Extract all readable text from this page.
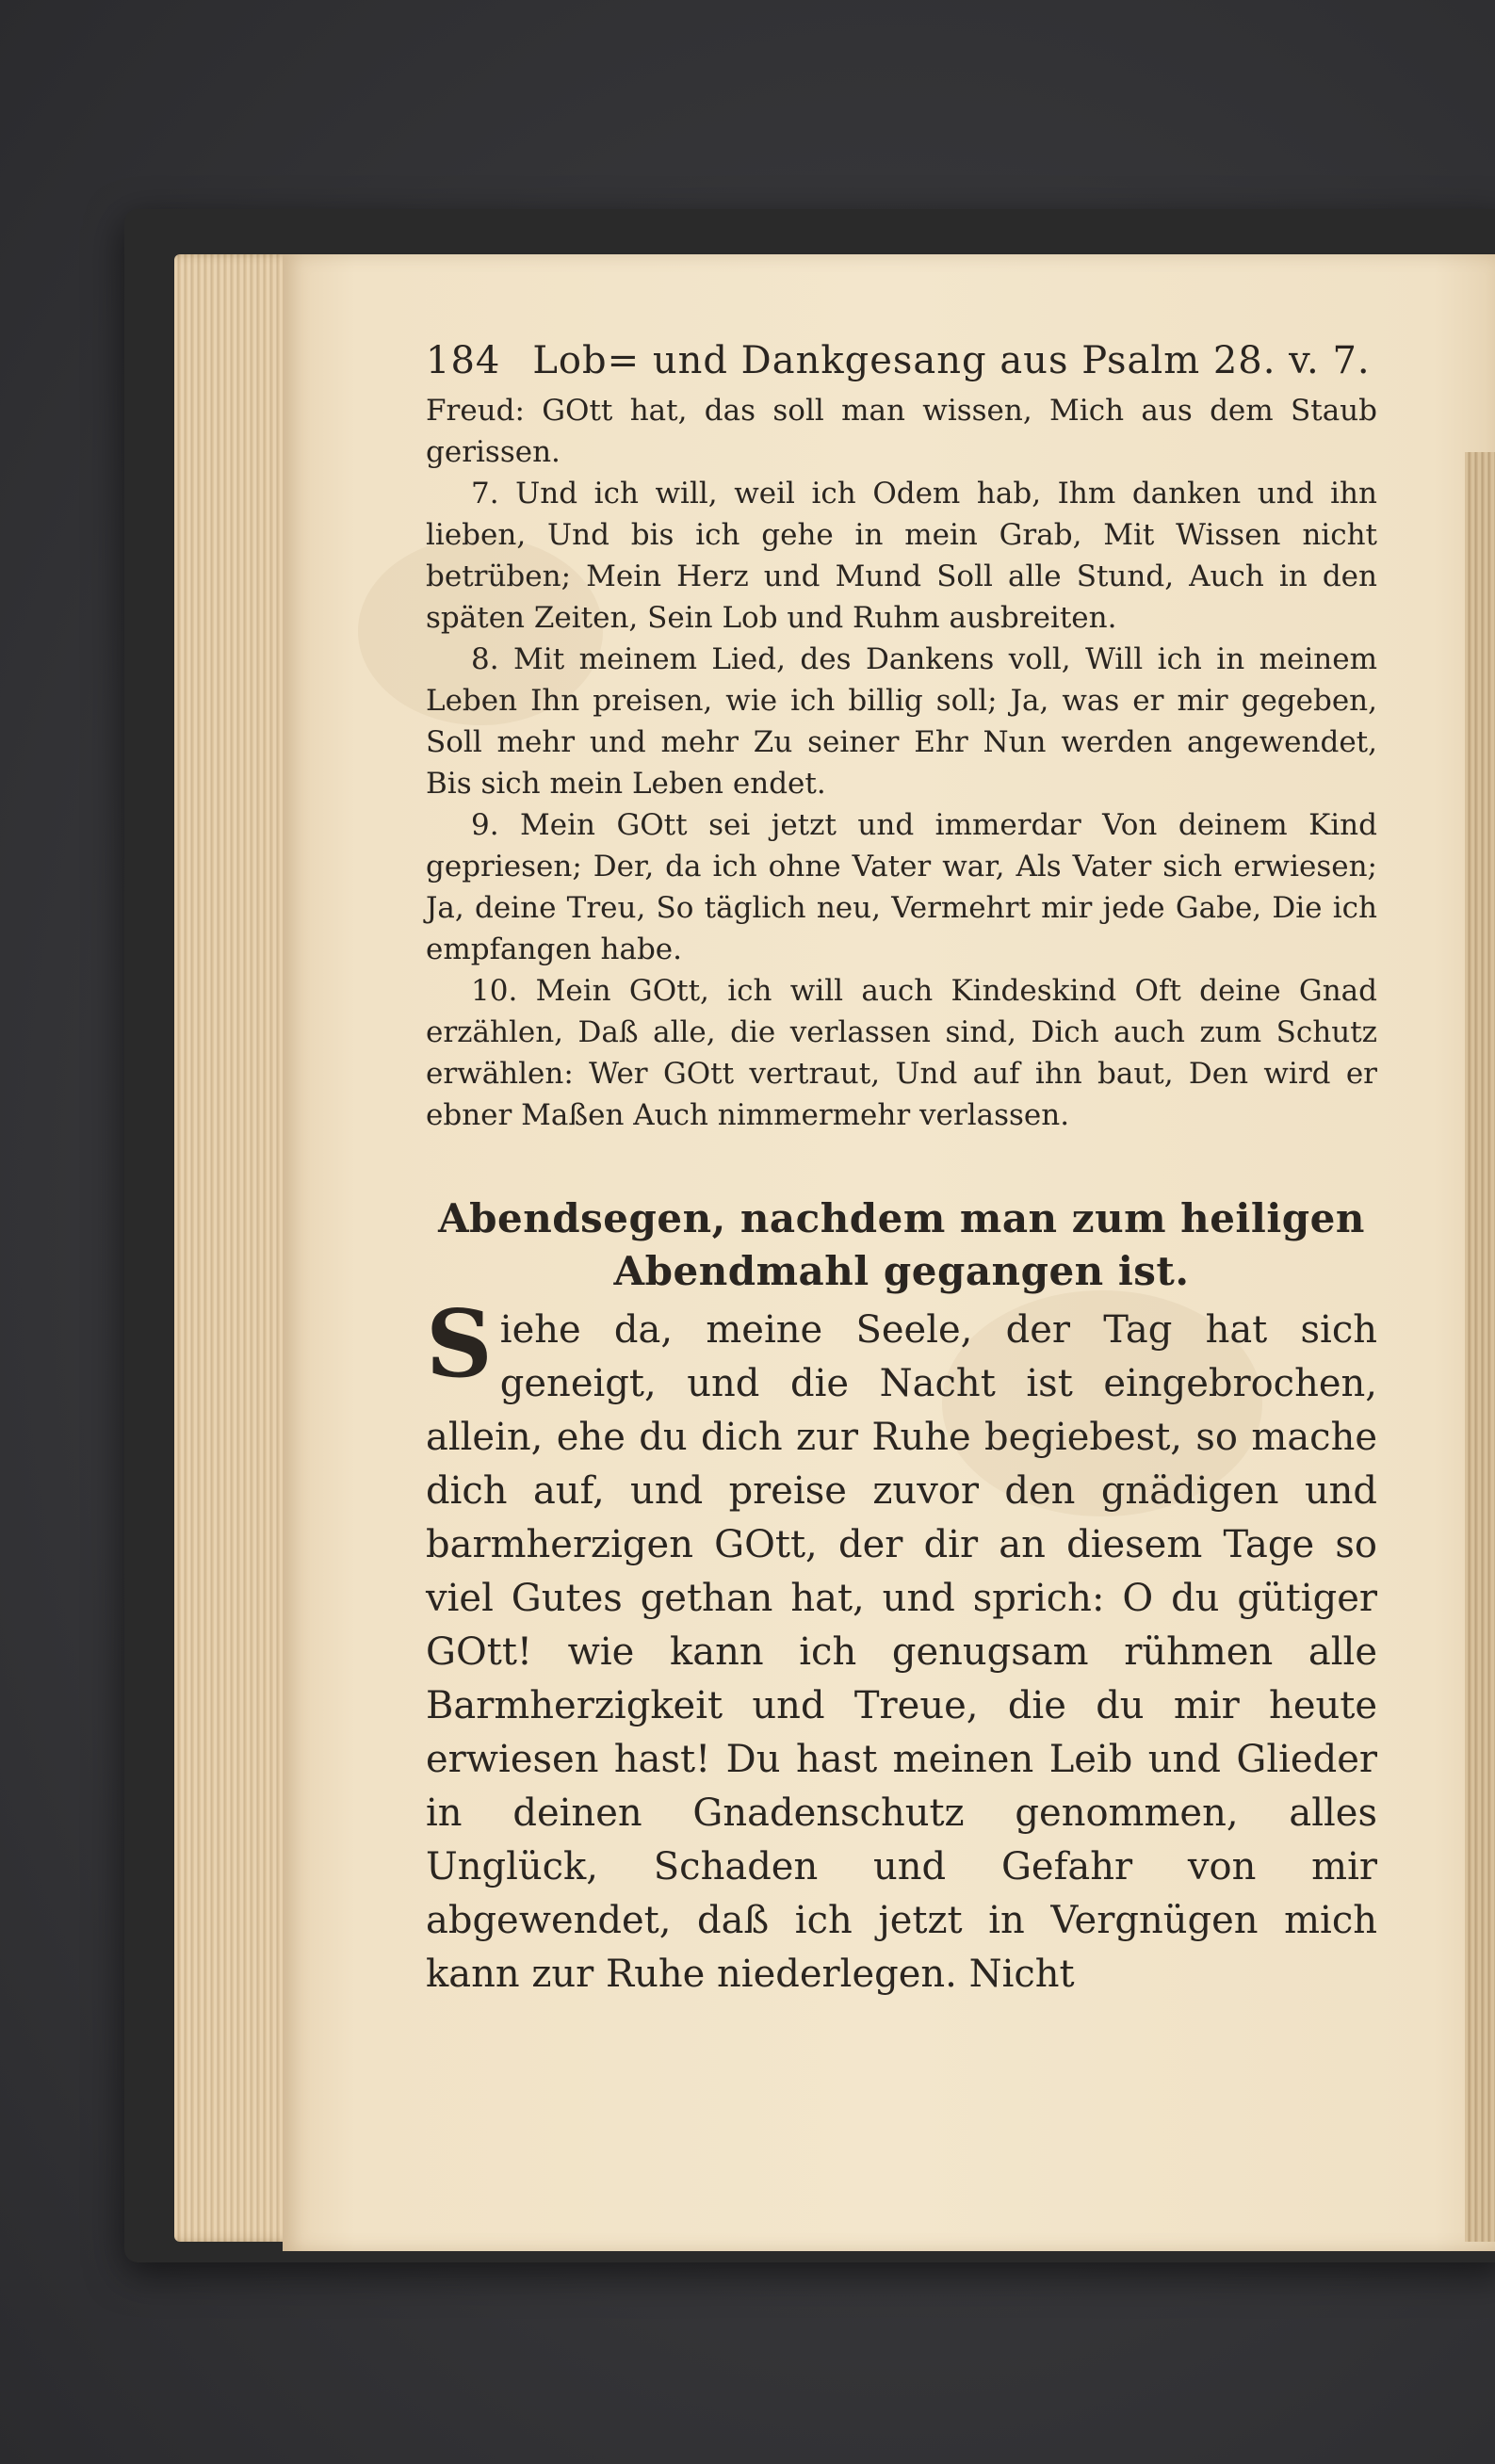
184 Lob= und Dankgesang aus Psalm 28. v. 7.

Freud: GOtt hat, das soll man wissen, Mich aus dem Staub gerissen.

7. Und ich will, weil ich Odem hab, Ihm danken und ihn lieben, Und bis ich gehe in mein Grab, Mit Wissen nicht betrüben; Mein Herz und Mund Soll alle Stund, Auch in den späten Zeiten, Sein Lob und Ruhm ausbreiten.

8. Mit meinem Lied, des Dankens voll, Will ich in meinem Leben Ihn preisen, wie ich billig soll; Ja, was er mir gegeben, Soll mehr und mehr Zu seiner Ehr Nun werden angewendet, Bis sich mein Leben endet.

9. Mein GOtt sei jetzt und immerdar Von deinem Kind gepriesen; Der, da ich ohne Vater war, Als Vater sich erwiesen; Ja, deine Treu, So täglich neu, Vermehrt mir jede Gabe, Die ich empfangen habe.

10. Mein GOtt, ich will auch Kindeskind Oft deine Gnad erzählen, Daß alle, die verlassen sind, Dich auch zum Schutz erwählen: Wer GOtt vertraut, Und auf ihn baut, Den wird er ebner Maßen Auch nimmermehr verlassen.

Abendsegen, nachdem man zum heiligen Abendmahl gegangen ist.

Siehe da, meine Seele, der Tag hat sich geneigt, und die Nacht ist eingebrochen, allein, ehe du dich zur Ruhe begiebest, so mache dich auf, und preise zuvor den gnädigen und barmherzigen GOtt, der dir an diesem Tage so viel Gutes gethan hat, und sprich: O du gütiger GOtt! wie kann ich genugsam rühmen alle Barmherzigkeit und Treue, die du mir heute erwiesen hast! Du hast meinen Leib und Glieder in deinen Gnadenschutz genommen, alles Unglück, Schaden und Gefahr von mir abgewendet, daß ich jetzt in Vergnügen mich kann zur Ruhe niederlegen. Nicht
